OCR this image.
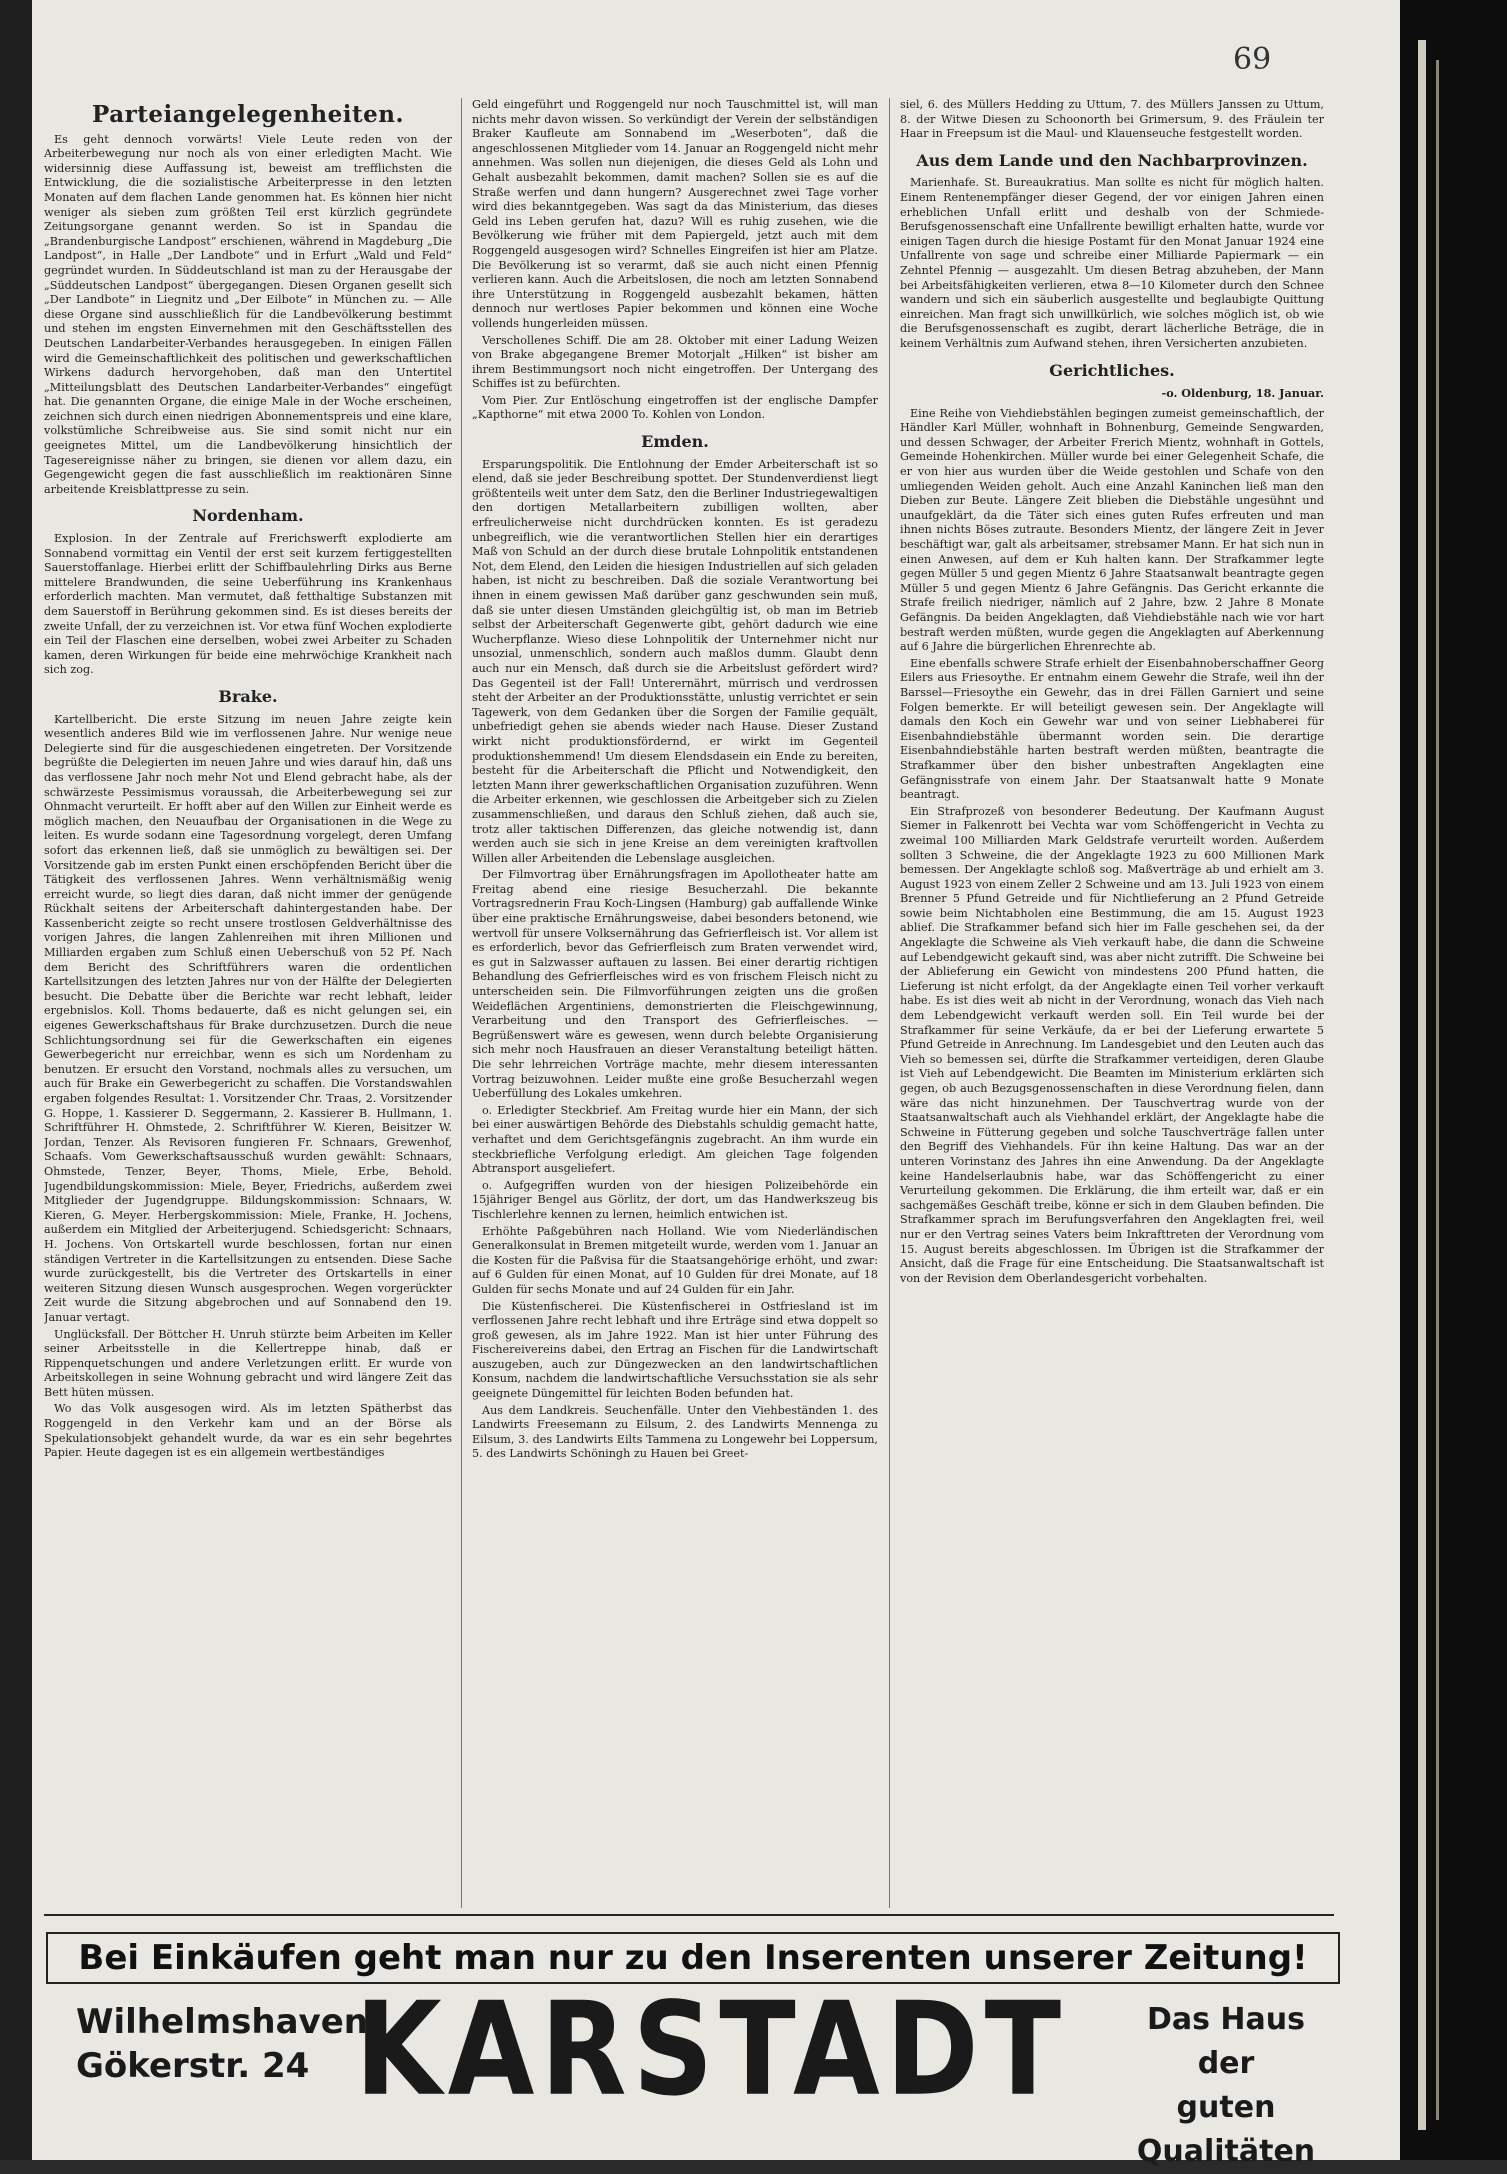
69
Parteiangelegenheiten.

Es geht dennoch vorwärts! Viele Leute reden von der Arbeiterbewegung nur noch als von einer erledigten Macht. Wie widersinnig diese Auffassung ist, beweist am trefflichsten die Entwicklung, die die sozialistische Arbeiterpresse in den letzten Monaten auf dem flachen Lande genommen hat. Es können hier nicht weniger als sieben zum größten Teil erst kürzlich gegründete Zeitungsorgane genannt werden. So ist in Spandau die „Brandenburgische Landpost“ erschienen, während in Magdeburg „Die Landpost“, in Halle „Der Landbote“ und in Erfurt „Wald und Feld“ gegründet wurden. In Süddeutschland ist man zu der Herausgabe der „Süddeutschen Landpost“ übergegangen. Diesen Organen gesellt sich „Der Landbote“ in Liegnitz und „Der Eilbote“ in München zu. — Alle diese Organe sind ausschließlich für die Landbevölkerung bestimmt und stehen im engsten Einvernehmen mit den Geschäftsstellen des Deutschen Landarbeiter-Verbandes herausgegeben. In einigen Fällen wird die Gemeinschaftlichkeit des politischen und gewerkschaftlichen Wirkens dadurch hervorgehoben, daß man den Untertitel „Mitteilungsblatt des Deutschen Landarbeiter-Verbandes“ eingefügt hat. Die genannten Organe, die einige Male in der Woche erscheinen, zeichnen sich durch einen niedrigen Abonnementspreis und eine klare, volkstümliche Schreibweise aus. Sie sind somit nicht nur ein geeignetes Mittel, um die Landbevölkerung hinsichtlich der Tagesereignisse näher zu bringen, sie dienen vor allem dazu, ein Gegengewicht gegen die fast ausschließlich im reaktionären Sinne arbeitende Kreisblattpresse zu sein.

Nordenham.

Explosion. In der Zentrale auf Frerichswerft explodierte am Sonnabend vormittag ein Ventil der erst seit kurzem fertiggestellten Sauerstoffanlage. Hierbei erlitt der Schiffbaulehrling Dirks aus Berne mittelere Brandwunden, die seine Ueberführung ins Krankenhaus erforderlich machten. Man vermutet, daß fetthaltige Substanzen mit dem Sauerstoff in Berührung gekommen sind. Es ist dieses bereits der zweite Unfall, der zu verzeichnen ist. Vor etwa fünf Wochen explodierte ein Teil der Flaschen eine derselben, wobei zwei Arbeiter zu Schaden kamen, deren Wirkungen für beide eine mehrwöchige Krankheit nach sich zog.

Brake.

Kartellbericht. Die erste Sitzung im neuen Jahre zeigte kein wesentlich anderes Bild wie im verflossenen Jahre. Nur wenige neue Delegierte sind für die ausgeschiedenen eingetreten. Der Vorsitzende begrüßte die Delegierten im neuen Jahre und wies darauf hin, daß uns das verflossene Jahr noch mehr Not und Elend gebracht habe, als der schwärzeste Pessimismus voraussah, die Arbeiterbewegung sei zur Ohnmacht verurteilt. Er hofft aber auf den Willen zur Einheit werde es möglich machen, den Neuaufbau der Organisationen in die Wege zu leiten. Es wurde sodann eine Tagesordnung vorgelegt, deren Umfang sofort das erkennen ließ, daß sie unmöglich zu bewältigen sei. Der Vorsitzende gab im ersten Punkt einen erschöpfenden Bericht über die Tätigkeit des verflossenen Jahres. Wenn verhältnismäßig wenig erreicht wurde, so liegt dies daran, daß nicht immer der genügende Rückhalt seitens der Arbeiterschaft dahintergestanden habe. Der Kassenbericht zeigte so recht unsere trostlosen Geldverhältnisse des vorigen Jahres, die langen Zahlenreihen mit ihren Millionen und Milliarden ergaben zum Schluß einen Ueberschuß von 52 Pf. Nach dem Bericht des Schriftführers waren die ordentlichen Kartellsitzungen des letzten Jahres nur von der Hälfte der Delegierten besucht. Die Debatte über die Berichte war recht lebhaft, leider ergebnislos. Koll. Thoms bedauerte, daß es nicht gelungen sei, ein eigenes Gewerkschaftshaus für Brake durchzusetzen. Durch die neue Schlichtungsordnung sei für die Gewerkschaften ein eigenes Gewerbegericht nur erreichbar, wenn es sich um Nordenham zu benutzen. Er ersucht den Vorstand, nochmals alles zu versuchen, um auch für Brake ein Gewerbegericht zu schaffen. Die Vorstandswahlen ergaben folgendes Resultat: 1. Vorsitzender Chr. Traas, 2. Vorsitzender G. Hoppe, 1. Kassierer D. Seggermann, 2. Kassierer B. Hullmann, 1. Schriftführer H. Ohmstede, 2. Schriftführer W. Kieren, Beisitzer W. Jordan, Tenzer. Als Revisoren fungieren Fr. Schnaars, Grewenhof, Schaafs. Vom Gewerkschaftsausschuß wurden gewählt: Schnaars, Ohmstede, Tenzer, Beyer, Thoms, Miele, Erbe, Behold. Jugendbildungskommission: Miele, Beyer, Friedrichs, außerdem zwei Mitglieder der Jugendgruppe. Bildungskommission: Schnaars, W. Kieren, G. Meyer. Herbergskommission: Miele, Franke, H. Jochens, außerdem ein Mitglied der Arbeiterjugend. Schiedsgericht: Schnaars, H. Jochens. Von Ortskartell wurde beschlossen, fortan nur einen ständigen Vertreter in die Kartellsitzungen zu entsenden. Diese Sache wurde zurückgestellt, bis die Vertreter des Ortskartells in einer weiteren Sitzung diesen Wunsch ausgesprochen. Wegen vorgerückter Zeit wurde die Sitzung abgebrochen und auf Sonnabend den 19. Januar vertagt.

Unglücksfall. Der Böttcher H. Unruh stürzte beim Arbeiten im Keller seiner Arbeitsstelle in die Kellertreppe hinab, daß er Rippenquetschungen und andere Verletzungen erlitt. Er wurde von Arbeitskollegen in seine Wohnung gebracht und wird längere Zeit das Bett hüten müssen.

Wo das Volk ausgesogen wird. Als im letzten Spätherbst das Roggengeld in den Verkehr kam und an der Börse als Spekulationsobjekt gehandelt wurde, da war es ein sehr begehrtes Papier. Heute dagegen ist es ein allgemein wertbeständiges

Geld eingeführt und Roggengeld nur noch Tauschmittel ist, will man nichts mehr davon wissen. So verkündigt der Verein der selbständigen Braker Kaufleute am Sonnabend im „Weserboten“, daß die angeschlossenen Mitglieder vom 14. Januar an Roggengeld nicht mehr annehmen. Was sollen nun diejenigen, die dieses Geld als Lohn und Gehalt ausbezahlt bekommen, damit machen? Sollen sie es auf die Straße werfen und dann hungern? Ausgerechnet zwei Tage vorher wird dies bekanntgegeben. Was sagt da das Ministerium, das dieses Geld ins Leben gerufen hat, dazu? Will es ruhig zusehen, wie die Bevölkerung wie früher mit dem Papiergeld, jetzt auch mit dem Roggengeld ausgesogen wird? Schnelles Eingreifen ist hier am Platze. Die Bevölkerung ist so verarmt, daß sie auch nicht einen Pfennig verlieren kann. Auch die Arbeitslosen, die noch am letzten Sonnabend ihre Unterstützung in Roggengeld ausbezahlt bekamen, hätten dennoch nur wertloses Papier bekommen und können eine Woche vollends hungerleiden müssen.

Verschollenes Schiff. Die am 28. Oktober mit einer Ladung Weizen von Brake abgegangene Bremer Motorjalt „Hilken“ ist bisher am ihrem Bestimmungsort noch nicht eingetroffen. Der Untergang des Schiffes ist zu befürchten.

Vom Pier. Zur Entlöschung eingetroffen ist der englische Dampfer „Kapthorne“ mit etwa 2000 To. Kohlen von London.

Emden.

Ersparungspolitik. Die Entlohnung der Emder Arbeiterschaft ist so elend, daß sie jeder Beschreibung spottet. Der Stundenverdienst liegt größtenteils weit unter dem Satz, den die Berliner Industriegewaltigen den dortigen Metallarbeitern zubilligen wollten, aber erfreulicherweise nicht durchdrücken konnten. Es ist geradezu unbegreiflich, wie die verantwortlichen Stellen hier ein derartiges Maß von Schuld an der durch diese brutale Lohnpolitik entstandenen Not, dem Elend, den Leiden die hiesigen Industriellen auf sich geladen haben, ist nicht zu beschreiben. Daß die soziale Verantwortung bei ihnen in einem gewissen Maß darüber ganz geschwunden sein muß, daß sie unter diesen Umständen gleichgültig ist, ob man im Betrieb selbst der Arbeiterschaft Gegenwerte gibt, gehört dadurch wie eine Wucherpflanze. Wieso diese Lohnpolitik der Unternehmer nicht nur unsozial, unmenschlich, sondern auch maßlos dumm. Glaubt denn auch nur ein Mensch, daß durch sie die Arbeitslust gefördert wird? Das Gegenteil ist der Fall! Unterernährt, mürrisch und verdrossen steht der Arbeiter an der Produktionsstätte, unlustig verrichtet er sein Tagewerk, von dem Gedanken über die Sorgen der Familie gequält, unbefriedigt gehen sie abends wieder nach Hause. Dieser Zustand wirkt nicht produktionsfördernd, er wirkt im Gegenteil produktionshemmend! Um diesem Elendsdasein ein Ende zu bereiten, besteht für die Arbeiterschaft die Pflicht und Notwendigkeit, den letzten Mann ihrer gewerkschaftlichen Organisation zuzuführen. Wenn die Arbeiter erkennen, wie geschlossen die Arbeitgeber sich zu Zielen zusammenschließen, und daraus den Schluß ziehen, daß auch sie, trotz aller taktischen Differenzen, das gleiche notwendig ist, dann werden auch sie sich in jene Kreise an dem vereinigten kraftvollen Willen aller Arbeitenden die Lebenslage ausgleichen.

Der Filmvortrag über Ernährungsfragen im Apollotheater hatte am Freitag abend eine riesige Besucherzahl. Die bekannte Vortragsrednerin Frau Koch-Lingsen (Hamburg) gab auffallende Winke über eine praktische Ernährungsweise, dabei besonders betonend, wie wertvoll für unsere Volksernährung das Gefrierfleisch ist. Vor allem ist es erforderlich, bevor das Gefrierfleisch zum Braten verwendet wird, es gut in Salzwasser auftauen zu lassen. Bei einer derartig richtigen Behandlung des Gefrierfleisches wird es von frischem Fleisch nicht zu unterscheiden sein. Die Filmvorführungen zeigten uns die großen Weideflächen Argentiniens, demonstrierten die Fleischgewinnung, Verarbeitung und den Transport des Gefrierfleisches. — Begrüßenswert wäre es gewesen, wenn durch belebte Organisierung sich mehr noch Hausfrauen an dieser Veranstaltung beteiligt hätten. Die sehr lehrreichen Vorträge machte, mehr diesem interessanten Vortrag beizuwohnen. Leider mußte eine große Besucherzahl wegen Ueberfüllung des Lokales umkehren.

o. Erledigter Steckbrief. Am Freitag wurde hier ein Mann, der sich bei einer auswärtigen Behörde des Diebstahls schuldig gemacht hatte, verhaftet und dem Gerichtsgefängnis zugebracht. An ihm wurde ein steckbriefliche Verfolgung erledigt. Am gleichen Tage folgenden Abtransport ausgeliefert.

o. Aufgegriffen wurden von der hiesigen Polizeibehörde ein 15jähriger Bengel aus Görlitz, der dort, um das Handwerkszeug bis Tischlerlehre kennen zu lernen, heimlich entwichen ist.

Erhöhte Paßgebühren nach Holland. Wie vom Niederländischen Generalkonsulat in Bremen mitgeteilt wurde, werden vom 1. Januar an die Kosten für die Paßvisa für die Staatsangehörige erhöht, und zwar: auf 6 Gulden für einen Monat, auf 10 Gulden für drei Monate, auf 18 Gulden für sechs Monate und auf 24 Gulden für ein Jahr.

Die Küstenfischerei. Die Küstenfischerei in Ostfriesland ist im verflossenen Jahre recht lebhaft und ihre Erträge sind etwa doppelt so groß gewesen, als im Jahre 1922. Man ist hier unter Führung des Fischereivereins dabei, den Ertrag an Fischen für die Landwirtschaft auszugeben, auch zur Düngezwecken an den landwirtschaftlichen Konsum, nachdem die landwirtschaftliche Versuchsstation sie als sehr geeignete Düngemittel für leichten Boden befunden hat.

Aus dem Landkreis. Seuchenfälle. Unter den Viehbeständen 1. des Landwirts Freesemann zu Eilsum, 2. des Landwirts Mennenga zu Eilsum, 3. des Landwirts Eilts Tammena zu Longewehr bei Loppersum, 5. des Landwirts Schöningh zu Hauen bei Greet-

siel, 6. des Müllers Hedding zu Uttum, 7. des Müllers Janssen zu Uttum, 8. der Witwe Diesen zu Schoonorth bei Grimersum, 9. des Fräulein ter Haar in Freepsum ist die Maul- und Klauenseuche festgestellt worden.

Aus dem Lande und den Nachbarprovinzen.

Marienhafe. St. Bureaukratius. Man sollte es nicht für möglich halten. Einem Rentenempfänger dieser Gegend, der vor einigen Jahren einen erheblichen Unfall erlitt und deshalb von der Schmiede-Berufsgenossenschaft eine Unfallrente bewilligt erhalten hatte, wurde vor einigen Tagen durch die hiesige Postamt für den Monat Januar 1924 eine Unfallrente von sage und schreibe einer Milliarde Papiermark — ein Zehntel Pfennig — ausgezahlt. Um diesen Betrag abzuheben, der Mann bei Arbeitsfähigkeiten verlieren, etwa 8—10 Kilometer durch den Schnee wandern und sich ein säuberlich ausgestellte und beglaubigte Quittung einreichen. Man fragt sich unwillkürlich, wie solches möglich ist, ob wie die Berufsgenossenschaft es zugibt, derart lächerliche Beträge, die in keinem Verhältnis zum Aufwand stehen, ihren Versicherten anzubieten.

Gerichtliches.
-o. Oldenburg, 18. Januar.

Eine Reihe von Viehdiebstählen begingen zumeist gemeinschaftlich, der Händler Karl Müller, wohnhaft in Bohnenburg, Gemeinde Sengwarden, und dessen Schwager, der Arbeiter Frerich Mientz, wohnhaft in Gottels, Gemeinde Hohenkirchen. Müller wurde bei einer Gelegenheit Schafe, die er von hier aus wurden über die Weide gestohlen und Schafe von den umliegenden Weiden geholt. Auch eine Anzahl Kaninchen ließ man den Dieben zur Beute. Längere Zeit blieben die Diebstähle ungesühnt und unaufgeklärt, da die Täter sich eines guten Rufes erfreuten und man ihnen nichts Böses zutraute. Besonders Mientz, der längere Zeit in Jever beschäftigt war, galt als arbeitsamer, strebsamer Mann. Er hat sich nun in einen Anwesen, auf dem er Kuh halten kann. Der Strafkammer legte gegen Müller 5 und gegen Mientz 6 Jahre Staatsanwalt beantragte gegen Müller 5 und gegen Mientz 6 Jahre Gefängnis. Das Gericht erkannte die Strafe freilich niedriger, nämlich auf 2 Jahre, bzw. 2 Jahre 8 Monate Gefängnis. Da beiden Angeklagten, daß Viehdiebstähle nach wie vor hart bestraft werden müßten, wurde gegen die Angeklagten auf Aberkennung auf 6 Jahre die bürgerlichen Ehrenrechte ab.

Eine ebenfalls schwere Strafe erhielt der Eisenbahnoberschaffner Georg Eilers aus Friesoythe. Er entnahm einem Gewehr die Strafe, weil ihn der Barssel—Friesoythe ein Gewehr, das in drei Fällen Garniert und seine Folgen bemerkte. Er will beteiligt gewesen sein. Der Angeklagte will damals den Koch ein Gewehr war und von seiner Liebhaberei für Eisenbahndiebstähle übermannt worden sein. Die derartige Eisenbahndiebstähle harten bestraft werden müßten, beantragte die Strafkammer über den bisher unbestraften Angeklagten eine Gefängnisstrafe von einem Jahr. Der Staatsanwalt hatte 9 Monate beantragt.

Ein Strafprozeß von besonderer Bedeutung. Der Kaufmann August Siemer in Falkenrott bei Vechta war vom Schöffengericht in Vechta zu zweimal 100 Milliarden Mark Geldstrafe verurteilt worden. Außerdem sollten 3 Schweine, die der Angeklagte 1923 zu 600 Millionen Mark bemessen. Der Angeklagte schloß sog. Maßverträge ab und erhielt am 3. August 1923 von einem Zeller 2 Schweine und am 13. Juli 1923 von einem Brenner 5 Pfund Getreide und für Nichtlieferung an 2 Pfund Getreide sowie beim Nichtabholen eine Bestimmung, die am 15. August 1923 ablief. Die Strafkammer befand sich hier im Falle geschehen sei, da der Angeklagte die Schweine als Vieh verkauft habe, die dann die Schweine auf Lebendgewicht gekauft sind, was aber nicht zutrifft. Die Schweine bei der Ablieferung ein Gewicht von mindestens 200 Pfund hatten, die Lieferung ist nicht erfolgt, da der Angeklagte einen Teil vorher verkauft habe. Es ist dies weit ab nicht in der Verordnung, wonach das Vieh nach dem Lebendgewicht verkauft werden soll. Ein Teil wurde bei der Strafkammer für seine Verkäufe, da er bei der Lieferung erwartete 5 Pfund Getreide in Anrechnung. Im Landesgebiet und den Leuten auch das Vieh so bemessen sei, dürfte die Strafkammer verteidigen, deren Glaube ist Vieh auf Lebendgewicht. Die Beamten im Ministerium erklärten sich gegen, ob auch Bezugsgenossenschaften in diese Verordnung fielen, dann wäre das nicht hinzunehmen. Der Tauschvertrag wurde von der Staatsanwaltschaft auch als Viehhandel erklärt, der Angeklagte habe die Schweine in Fütterung gegeben und solche Tauschverträge fallen unter den Begriff des Viehhandels. Für ihn keine Haltung. Das war an der unteren Vorinstanz des Jahres ihn eine Anwendung. Da der Angeklagte keine Handelserlaubnis habe, war das Schöffengericht zu einer Verurteilung gekommen. Die Erklärung, die ihm erteilt war, daß er ein sachgemäßes Geschäft treibe, könne er sich in dem Glauben befinden. Die Strafkammer sprach im Berufungsverfahren den Angeklagten frei, weil nur er den Vertrag seines Vaters beim Inkrafttreten der Verordnung vom 15. August bereits abgeschlossen. Im Übrigen ist die Strafkammer der Ansicht, daß die Frage für eine Entscheidung. Die Staatsanwaltschaft ist von der Revision dem Oberlandesgericht vorbehalten.

Bei Einkäufen geht man nur zu den Inserenten unserer Zeitung!
Wilhelmshaven
Gökerstr. 24 KARSTADT	Das Haus der
guten Qualitäten
